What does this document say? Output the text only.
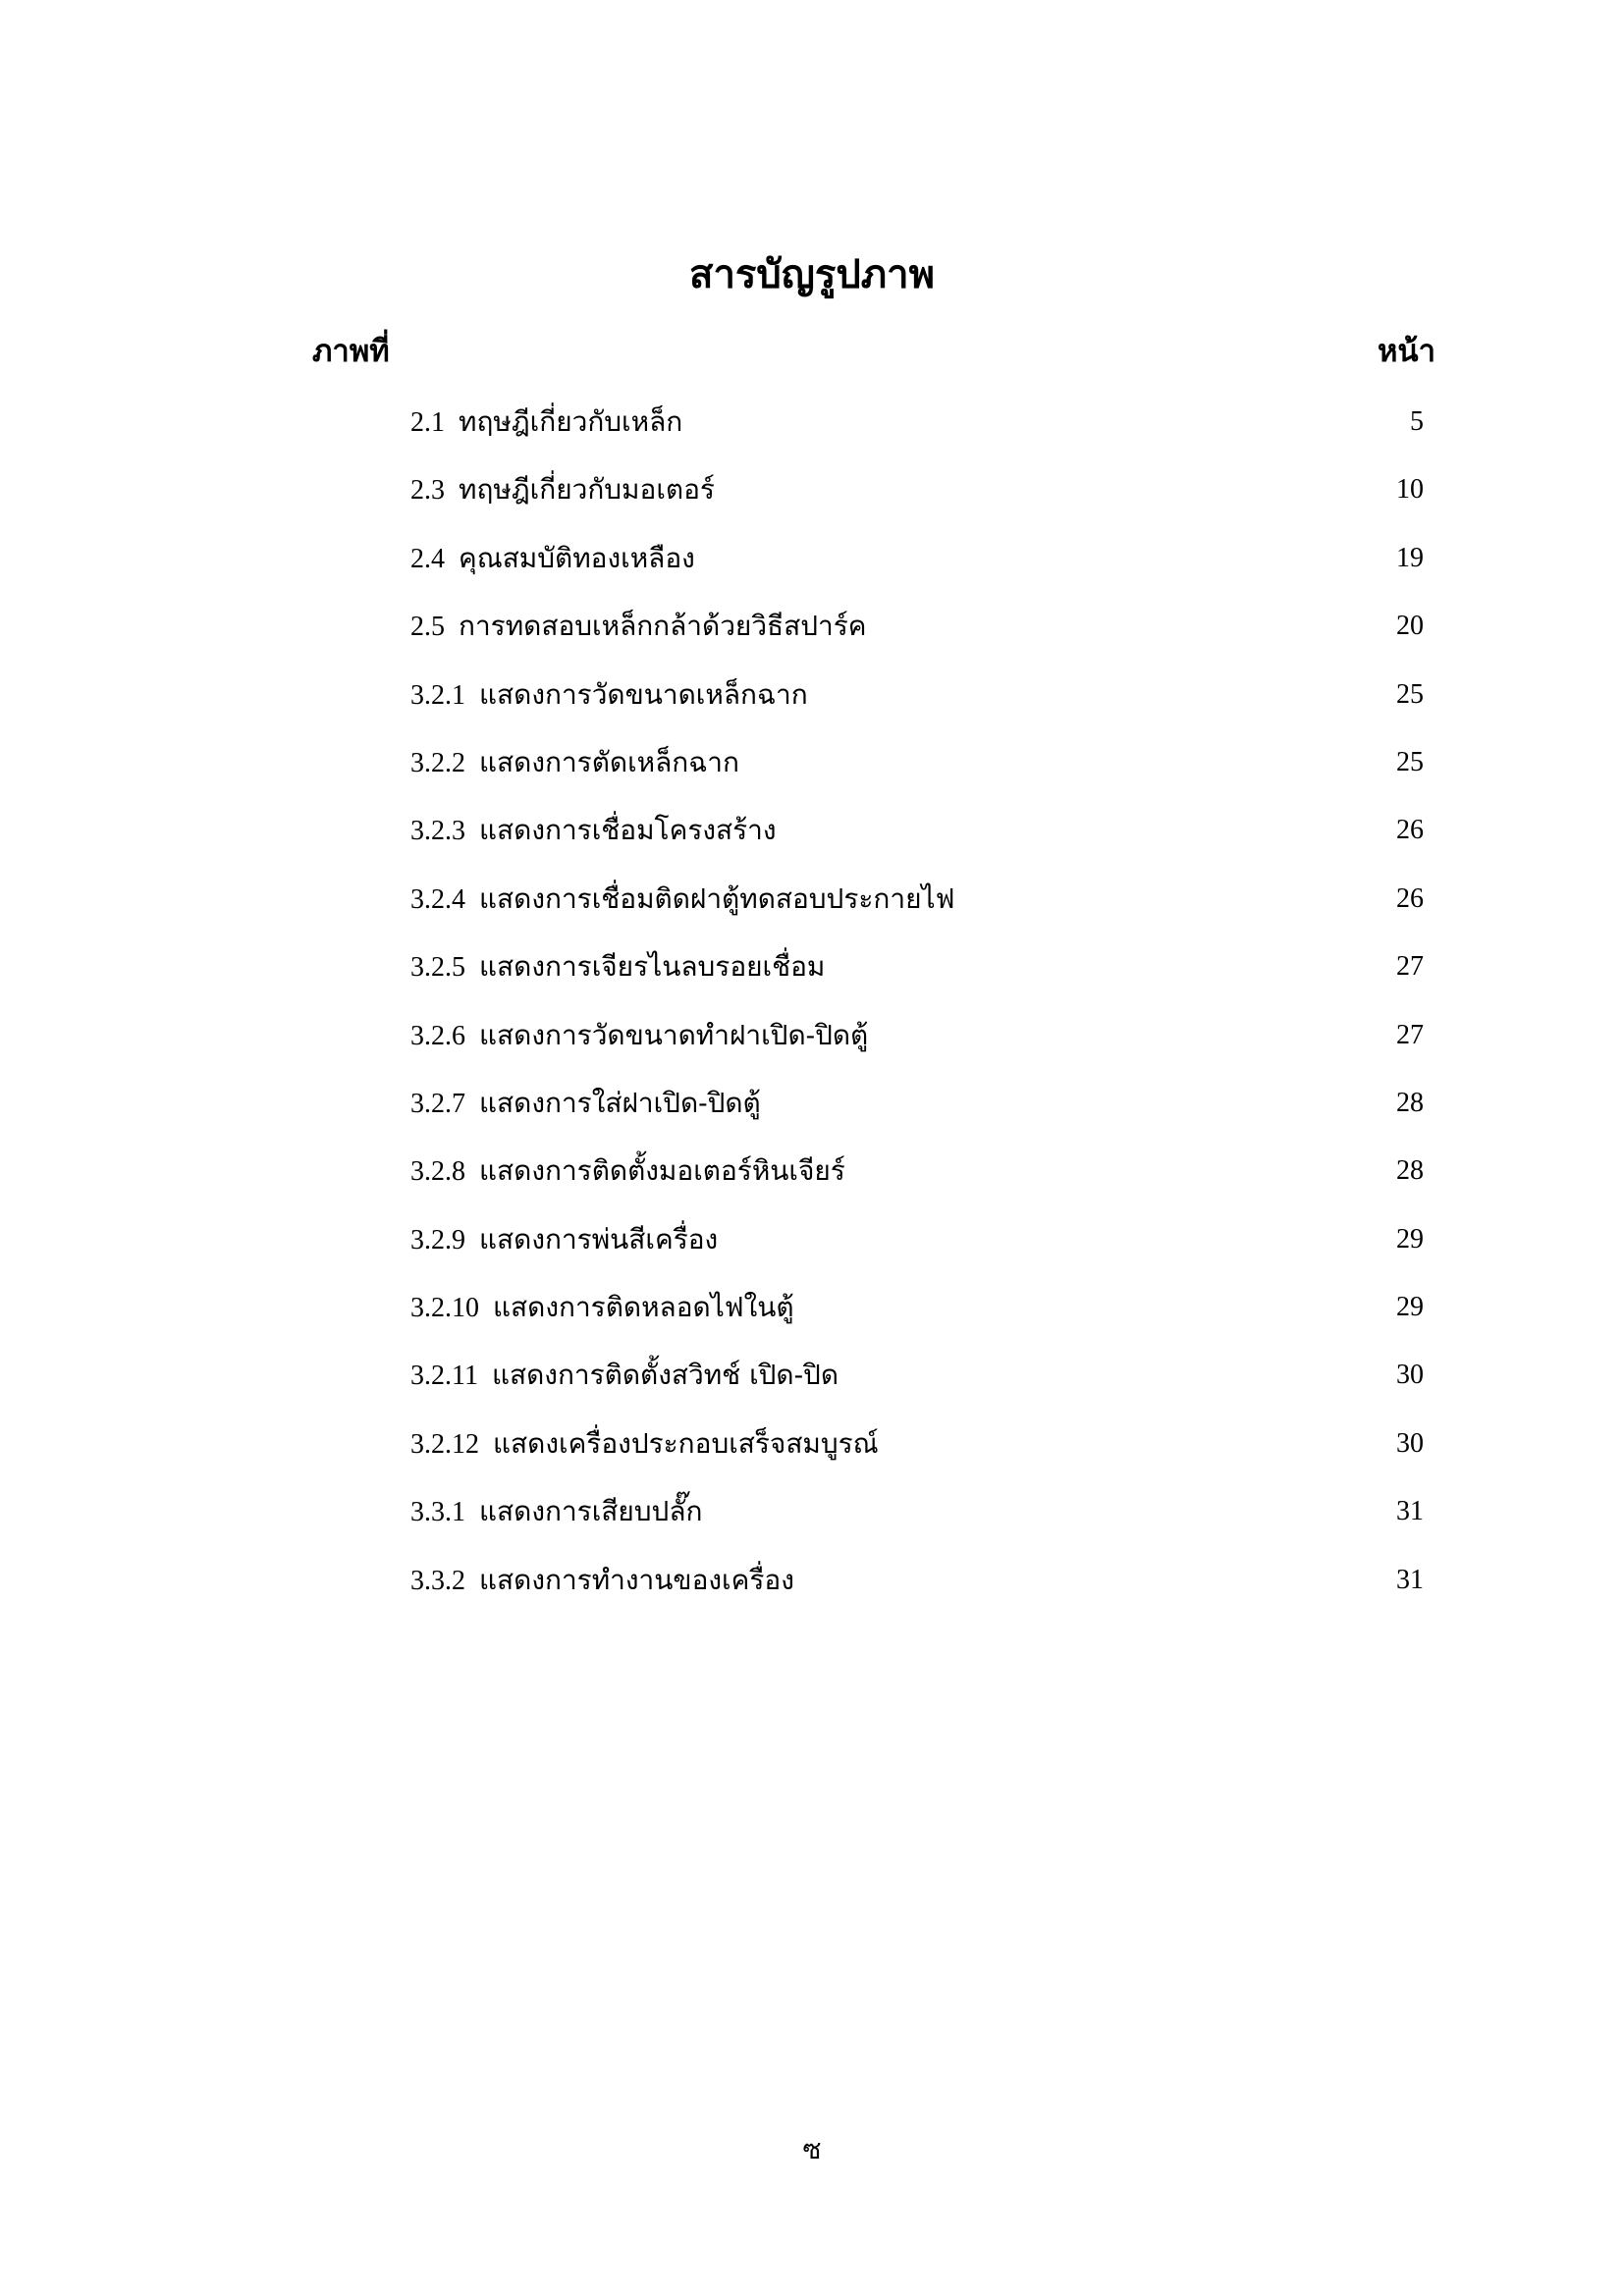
สารบัญรูปภาพ
ภาพที่	หน้า
2.1 ทฤษฎีเกี่ยวกับเหล็ก	5
2.3 ทฤษฎีเกี่ยวกับมอเตอร์	10
2.4 คุณสมบัติทองเหลือง	19
2.5 การทดสอบเหล็กกล้าด้วยวิธีสปาร์ค	20
3.2.1 แสดงการวัดขนาดเหล็กฉาก	25
3.2.2 แสดงการตัดเหล็กฉาก	25
3.2.3 แสดงการเชื่อมโครงสร้าง	26
3.2.4 แสดงการเชื่อมติดฝาตู้ทดสอบประกายไฟ	26
3.2.5 แสดงการเจียรไนลบรอยเชื่อม	27
3.2.6 แสดงการวัดขนาดทำฝาเปิด-ปิดตู้	27
3.2.7 แสดงการใส่ฝาเปิด-ปิดตู้	28
3.2.8 แสดงการติดตั้งมอเตอร์หินเจียร์	28
3.2.9 แสดงการพ่นสีเครื่อง	29
3.2.10 แสดงการติดหลอดไฟในตู้	29
3.2.11 แสดงการติดตั้งสวิทช์ เปิด-ปิด	30
3.2.12 แสดงเครื่องประกอบเสร็จสมบูรณ์	30
3.3.1 แสดงการเสียบปลั๊ก	31
3.3.2 แสดงการทำงานของเครื่อง	31
ซ
